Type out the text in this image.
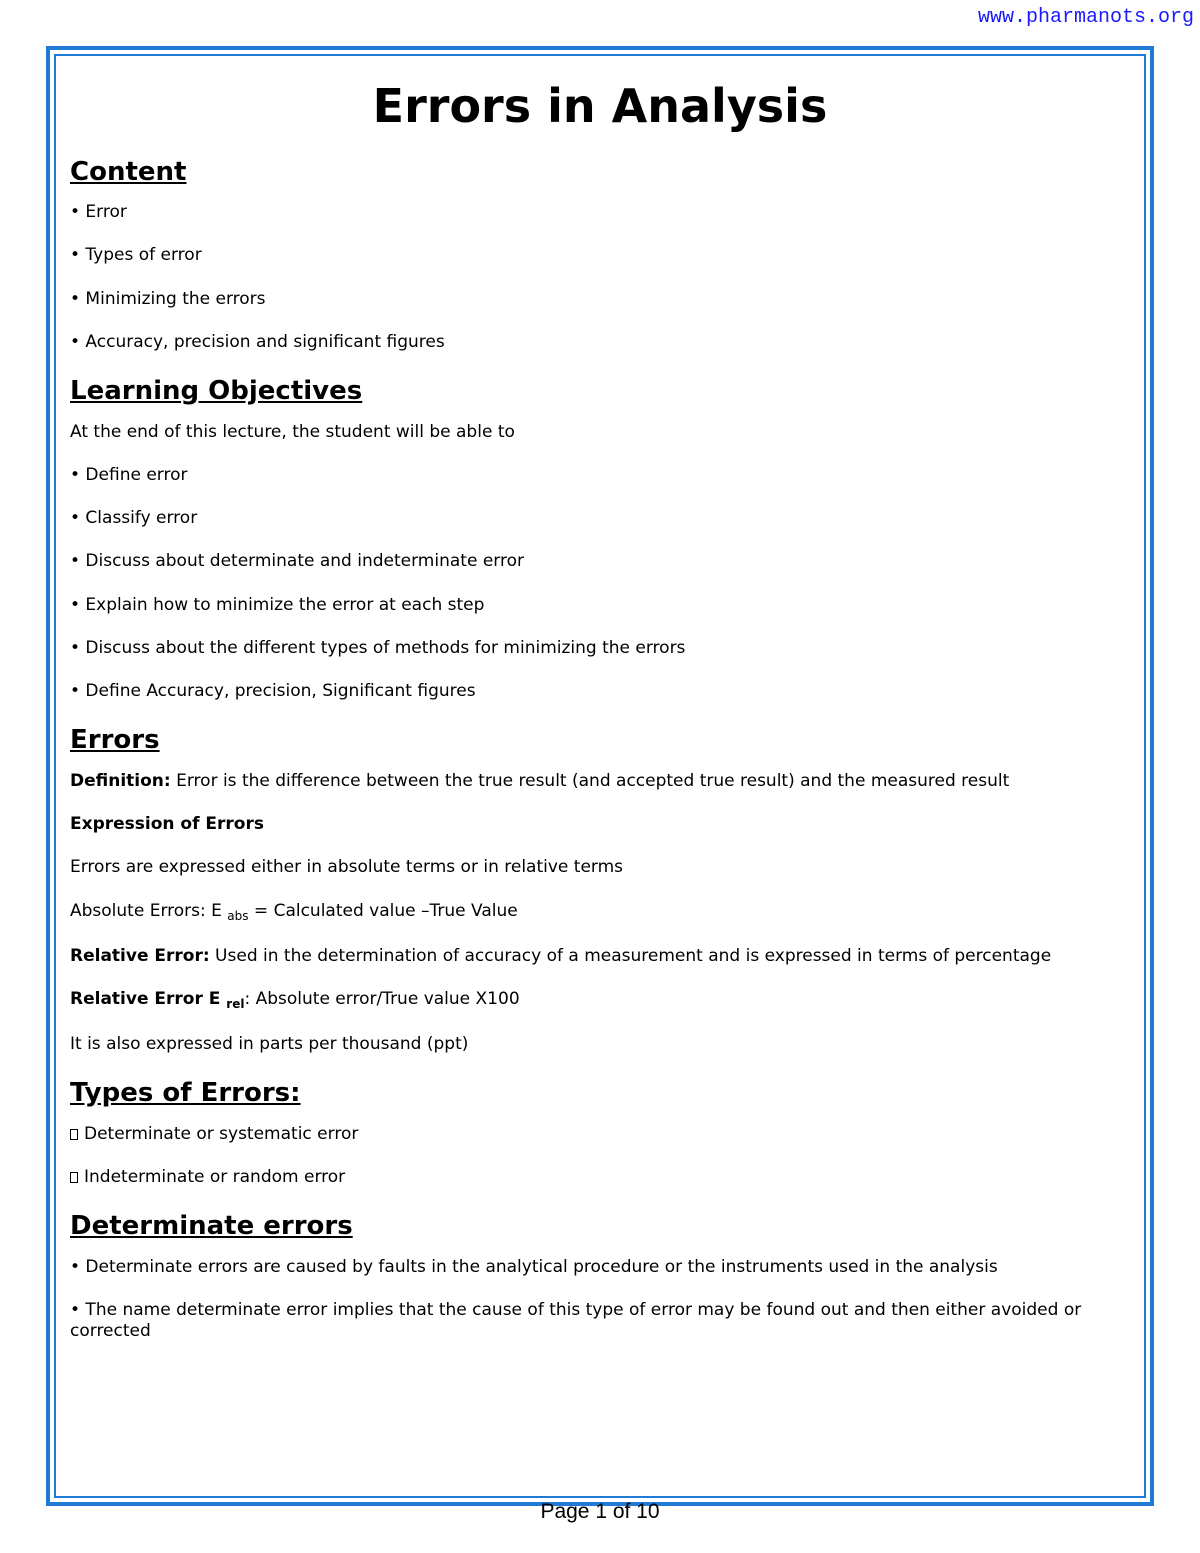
www.pharmanots.org
Errors in Analysis
Content
• Error
• Types of error
• Minimizing the errors
• Accuracy, precision and significant figures
Learning Objectives
At the end of this lecture, the student will be able to
• Define error
• Classify error
• Discuss about determinate and indeterminate error
• Explain how to minimize the error at each step
• Discuss about the different types of methods for minimizing the errors
• Define Accuracy, precision, Significant figures
Errors
Definition: Error is the difference between the true result (and accepted true result) and the measured result
Expression of Errors
Errors are expressed either in absolute terms or in relative terms
Absolute Errors: E $_{abs}$ = Calculated value –True Value
Relative Error: Used in the determination of accuracy of a measurement and is expressed in terms of percentage
Relative Error E $_{rel}$: Absolute error/True value X100
It is also expressed in parts per thousand (ppt)
Types of Errors:
Determinate or systematic error
Indeterminate or random error
Determinate errors
• Determinate errors are caused by faults in the analytical procedure or the instruments used in the analysis
• The name determinate error implies that the cause of this type of error may be found out and then either avoided or corrected
Page 1 of 10
